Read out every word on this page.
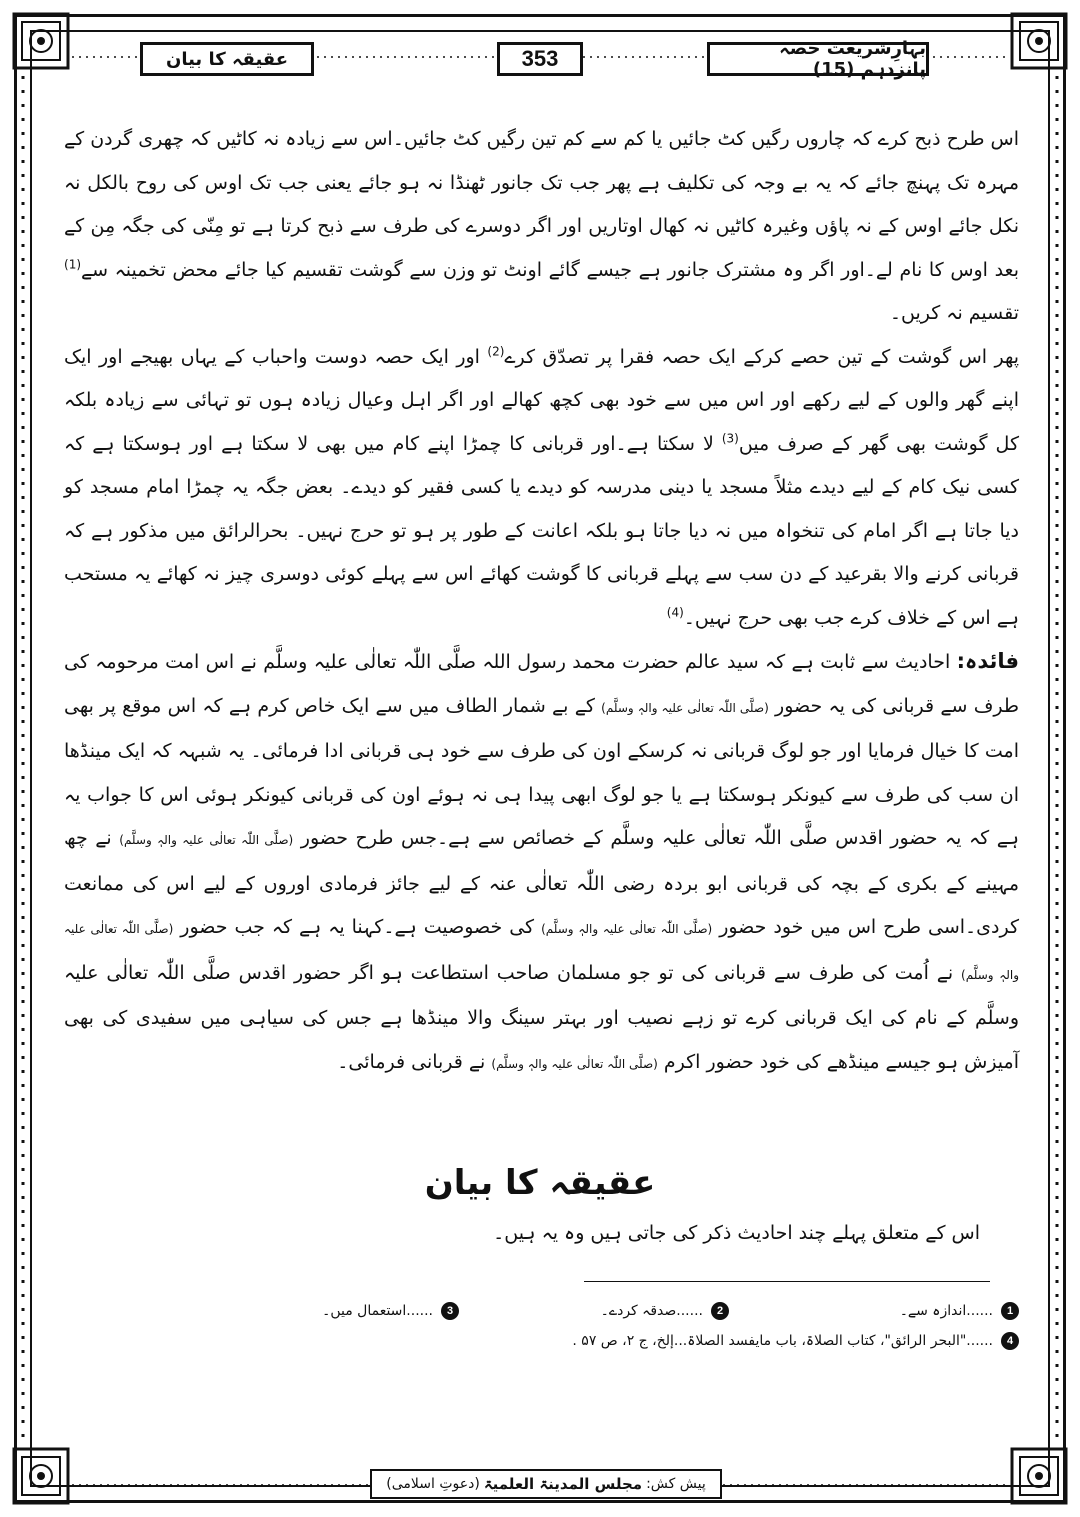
عقیقہ کا بیان	353	بہارِشریعت حصہ پانزدہم (15)

اس طرح ذبح کرے کہ چاروں رگیں کٹ جائیں یا کم سے کم تین رگیں کٹ جائیں۔اس سے زیادہ نہ کاٹیں کہ چھری گردن کے مہرہ تک پہنچ جائے کہ یہ بے وجہ کی تکلیف ہے پھر جب تک جانور ٹھنڈا نہ ہو جائے یعنی جب تک اوس کی روح بالکل نہ نکل جائے اوس کے نہ پاؤں وغیرہ کاٹیں نہ کھال اوتاریں اور اگر دوسرے کی طرف سے ذبح کرتا ہے تو مِنّی کی جگہ مِن کے بعد اوس کا نام لے۔اور اگر وہ مشترک جانور ہے جیسے گائے اونٹ تو وزن سے گوشت تقسیم کیا جائے محض تخمینہ سے$^{(1)}$ تقسیم نہ کریں۔

پھر اس گوشت کے تین حصے کرکے ایک حصہ فقرا پر تصدّق کرے$^{(2)}$ اور ایک حصہ دوست واحباب کے یہاں بھیجے اور ایک اپنے گھر والوں کے لیے رکھے اور اس میں سے خود بھی کچھ کھالے اور اگر اہل وعیال زیادہ ہوں تو تہائی سے زیادہ بلکہ کل گوشت بھی گھر کے صرف میں$^{(3)}$ لا سکتا ہے۔اور قربانی کا چمڑا اپنے کام میں بھی لا سکتا ہے اور ہوسکتا ہے کہ کسی نیک کام کے لیے دیدے مثلاً مسجد یا دینی مدرسہ کو دیدے یا کسی فقیر کو دیدے۔ بعض جگہ یہ چمڑا امام مسجد کو دیا جاتا ہے اگر امام کی تنخواہ میں نہ دیا جاتا ہو بلکہ اعانت کے طور پر ہو تو حرج نہیں۔ بحرالرائق میں مذکور ہے کہ قربانی کرنے والا بقرعید کے دن سب سے پہلے قربانی کا گوشت کھائے اس سے پہلے کوئی دوسری چیز نہ کھائے یہ مستحب ہے اس کے خلاف کرے جب بھی حرج نہیں۔$^{(4)}$

فائدہ: احادیث سے ثابت ہے کہ سید عالم حضرت محمد رسول اللہ صلَّی اللّٰہ تعالٰی علیہ وسلَّم نے اس امت مرحومہ کی طرف سے قربانی کی یہ حضور (صلَّی اللّٰہ تعالٰی علیہ والہٖ وسلَّم) کے بے شمار الطاف میں سے ایک خاص کرم ہے کہ اس موقع پر بھی امت کا خیال فرمایا اور جو لوگ قربانی نہ کرسکے اون کی طرف سے خود ہی قربانی ادا فرمائی۔ یہ شبہہ کہ ایک مینڈھا ان سب کی طرف سے کیونکر ہوسکتا ہے یا جو لوگ ابھی پیدا ہی نہ ہوئے اون کی قربانی کیونکر ہوئی اس کا جواب یہ ہے کہ یہ حضور اقدس صلَّی اللّٰہ تعالٰی علیہ وسلَّم کے خصائص سے ہے۔جس طرح حضور (صلَّی اللّٰہ تعالٰی علیہ والہٖ وسلَّم) نے چھ مہینے کے بکری کے بچہ کی قربانی ابو بردہ رضی اللّٰہ تعالٰی عنہ کے لیے جائز فرمادی اوروں کے لیے اس کی ممانعت کردی۔اسی طرح اس میں خود حضور (صلَّی اللّٰہ تعالٰی علیہ والہٖ وسلَّم) کی خصوصیت ہے۔کہنا یہ ہے کہ جب حضور (صلَّی اللّٰہ تعالٰی علیہ والہٖ وسلَّم) نے اُمت کی طرف سے قربانی کی تو جو مسلمان صاحب استطاعت ہو اگر حضور اقدس صلَّی اللّٰہ تعالٰی علیہ وسلَّم کے نام کی ایک قربانی کرے تو زہے نصیب اور بہتر سینگ والا مینڈھا ہے جس کی سیاہی میں سفیدی کی بھی آمیزش ہو جیسے مینڈھے کی خود حضور اکرم (صلَّی اللّٰہ تعالٰی علیہ والہٖ وسلَّم) نے قربانی فرمائی۔

عقیقہ کا بیان
اس کے متعلق پہلے چند احادیث ذکر کی جاتی ہیں وہ یہ ہیں۔
1
......اندازہ سے۔
2
......صدقہ کردے۔
3
......استعمال میں۔
4
......"البحر الرائق"، کتاب الصلاۃ، باب مایفسد الصلاۃ...إلخ، ج ۲، ص ۵۷ .
پیش کش:
مجلس المدینۃ العلمیۃ
(دعوتِ اسلامی)
